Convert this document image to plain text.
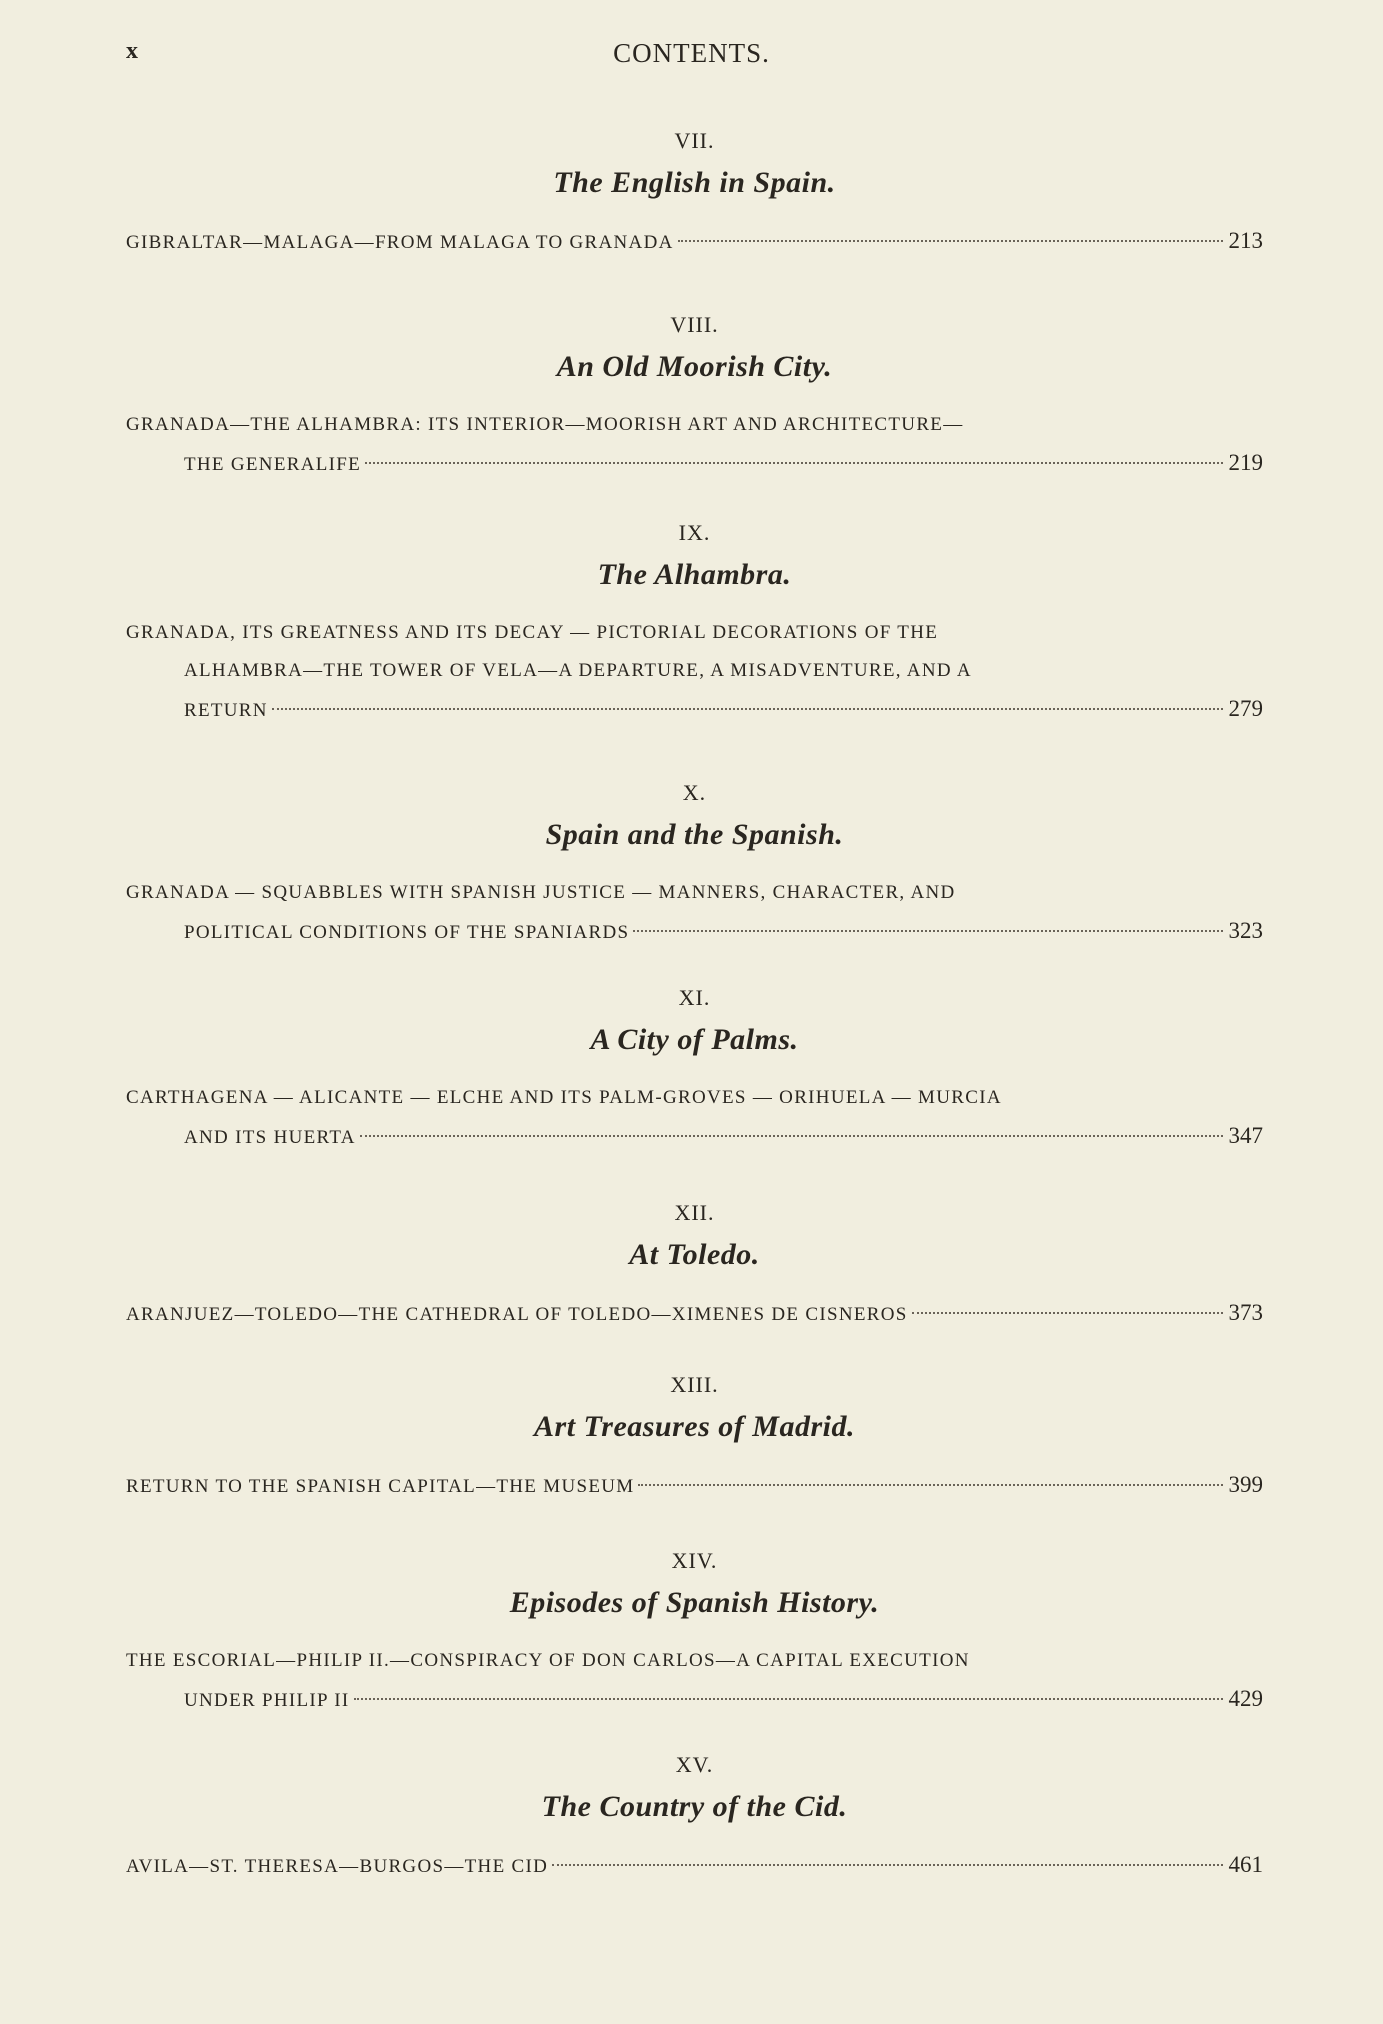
x	CONTENTS.
VII.
The English in Spain.
GIBRALTAR—MALAGA—FROM MALAGA TO GRANADA	213
VIII.
An Old Moorish City.
GRANADA—THE ALHAMBRA: ITS INTERIOR—MOORISH ART AND ARCHITECTURE—
THE GENERALIFE	219
IX.
The Alhambra.
GRANADA, ITS GREATNESS AND ITS DECAY — PICTORIAL DECORATIONS OF THE
ALHAMBRA—THE TOWER OF VELA—A DEPARTURE, A MISADVENTURE, AND A
RETURN	279
X.
Spain and the Spanish.
GRANADA — SQUABBLES WITH SPANISH JUSTICE — MANNERS, CHARACTER, AND
POLITICAL CONDITIONS OF THE SPANIARDS	323
XI.
A City of Palms.
CARTHAGENA — ALICANTE — ELCHE AND ITS PALM-GROVES — ORIHUELA — MURCIA
AND ITS HUERTA	347
XII.
At Toledo.
ARANJUEZ—TOLEDO—THE CATHEDRAL OF TOLEDO—XIMENES DE CISNEROS	373
XIII.
Art Treasures of Madrid.
RETURN TO THE SPANISH CAPITAL—THE MUSEUM	399
XIV.
Episodes of Spanish History.
THE ESCORIAL—PHILIP II.—CONSPIRACY OF DON CARLOS—A CAPITAL EXECUTION
UNDER PHILIP II	429
XV.
The Country of the Cid.
AVILA—ST. THERESA—BURGOS—THE CID	461
